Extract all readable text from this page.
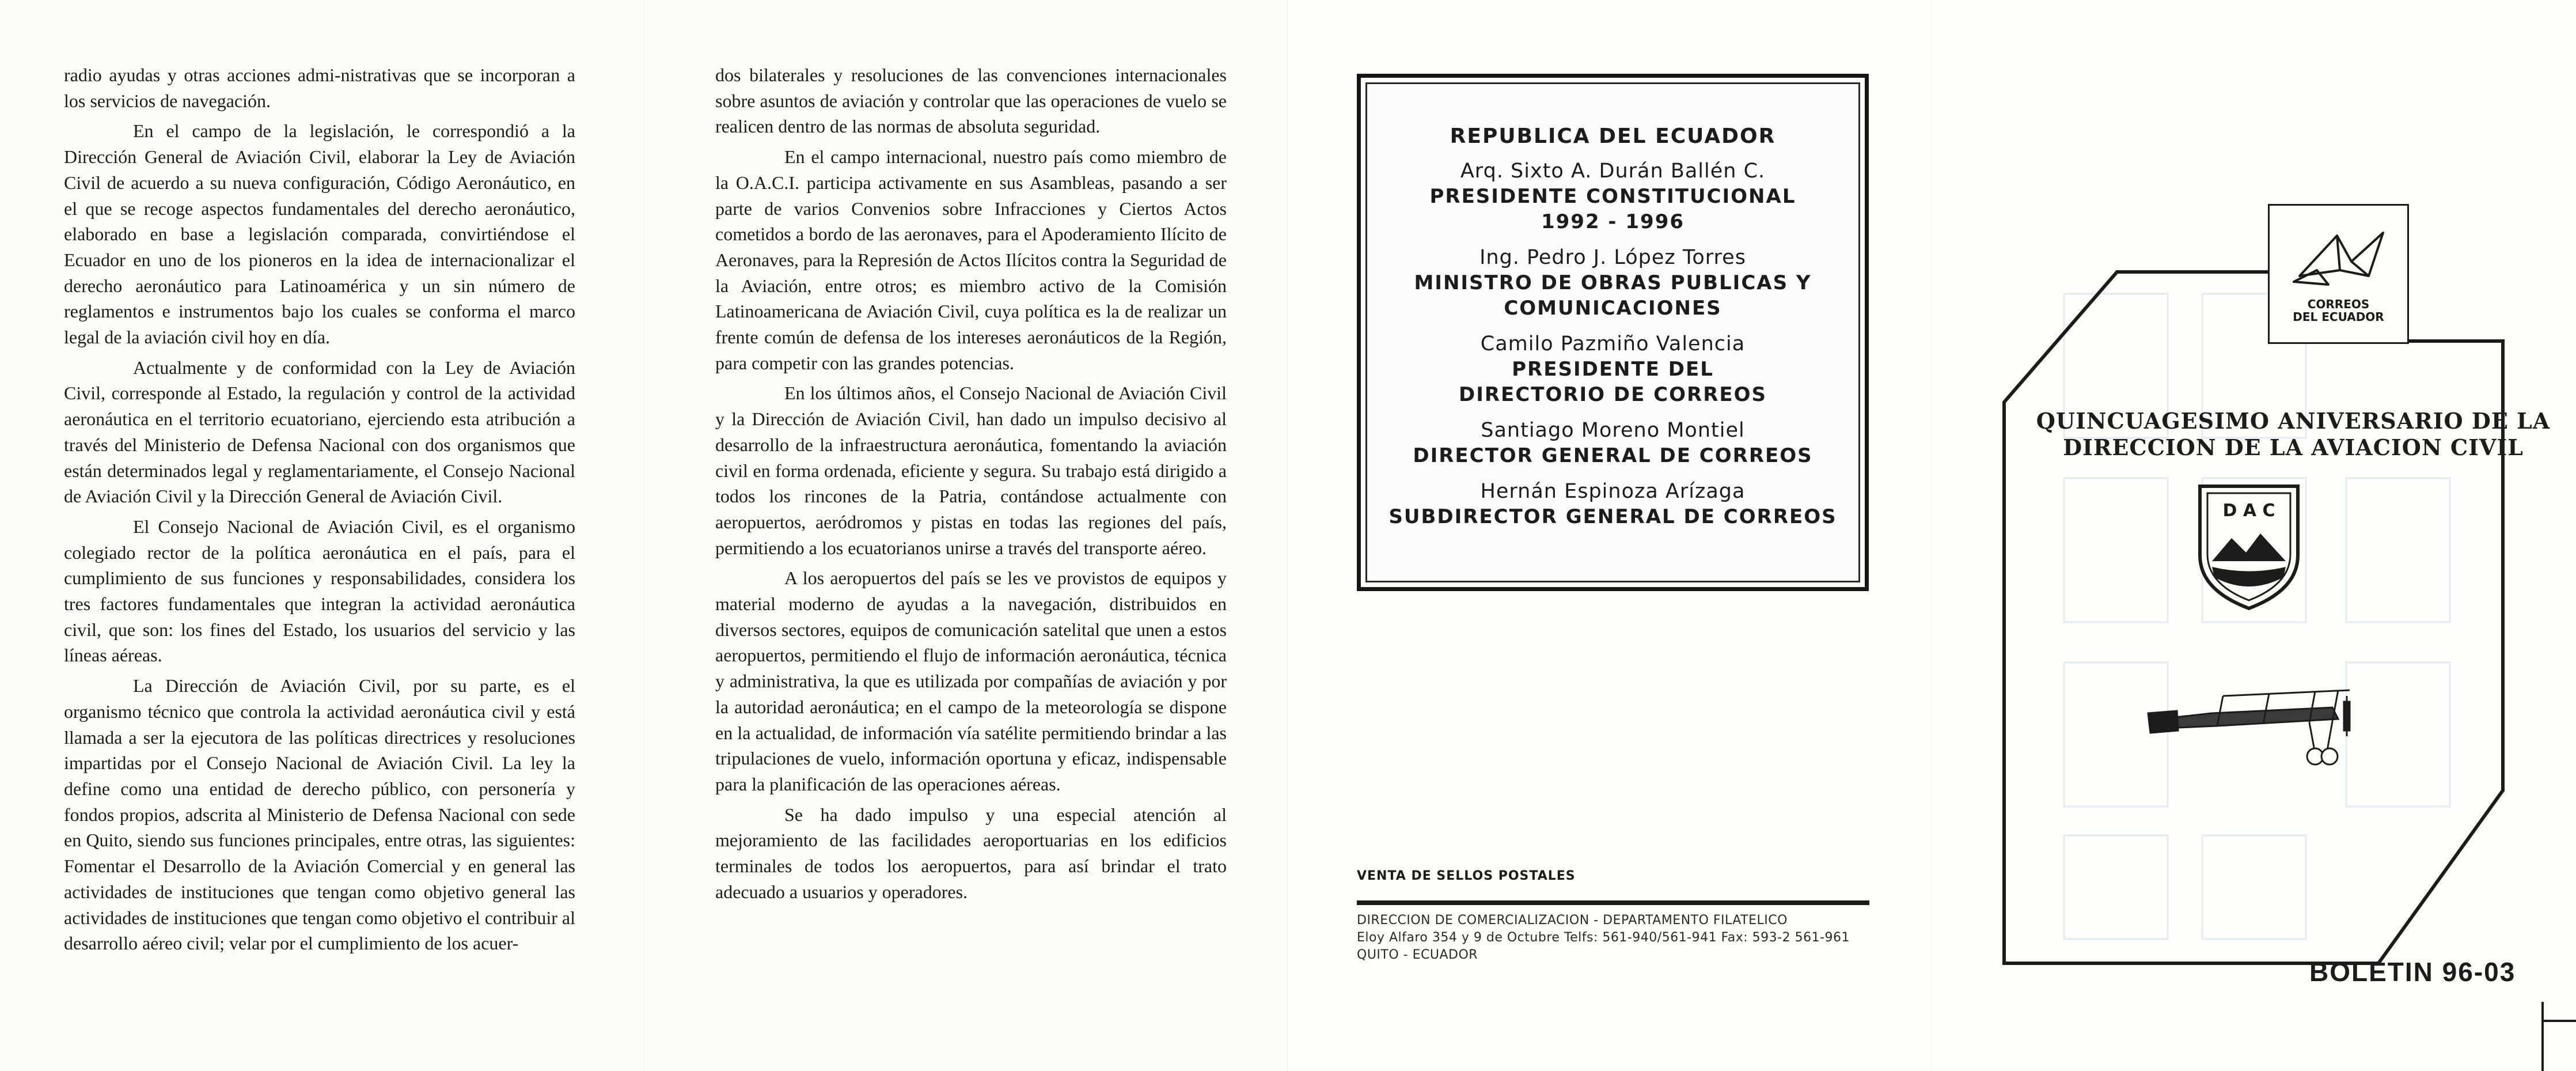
radio ayudas y otras acciones admi-nistrativas que se incorporan a los servicios de navegación.

En el campo de la legislación, le correspondió a la Dirección General de Aviación Civil, elaborar la Ley de Aviación Civil de acuerdo a su nueva configuración, Código Aeronáutico, en el que se recoge aspectos fundamentales del derecho aeronáutico, elaborado en base a legislación comparada, convirtiéndose el Ecuador en uno de los pioneros en la idea de internacionalizar el derecho aeronáutico para Latinoamérica y un sin número de reglamentos e instrumentos bajo los cuales se conforma el marco legal de la aviación civil hoy en día.

Actualmente y de conformidad con la Ley de Aviación Civil, corresponde al Estado, la regulación y control de la actividad aeronáutica en el territorio ecuatoriano, ejerciendo esta atribución a través del Ministerio de Defensa Nacional con dos organismos que están determinados legal y reglamentariamente, el Consejo Nacional de Aviación Civil y la Dirección General de Aviación Civil.

El Consejo Nacional de Aviación Civil, es el organismo colegiado rector de la política aeronáutica en el país, para el cumplimiento de sus funciones y responsabilidades, considera los tres factores fundamentales que integran la actividad aeronáutica civil, que son: los fines del Estado, los usuarios del servicio y las líneas aéreas.

La Dirección de Aviación Civil, por su parte, es el organismo técnico que controla la actividad aeronáutica civil y está llamada a ser la ejecutora de las políticas directrices y resoluciones impartidas por el Consejo Nacional de Aviación Civil. La ley la define como una entidad de derecho público, con personería y fondos propios, adscrita al Ministerio de Defensa Nacional con sede en Quito, siendo sus funciones principales, entre otras, las siguientes: Fomentar el Desarrollo de la Aviación Comercial y en general las actividades de instituciones que tengan como objetivo general las actividades de instituciones que tengan como objetivo el contribuir al desarrollo aéreo civil; velar por el cumplimiento de los acuer-

dos bilaterales y resoluciones de las convenciones internacionales sobre asuntos de aviación y controlar que las operaciones de vuelo se realicen dentro de las normas de absoluta seguridad.

En el campo internacional, nuestro país como miembro de la O.A.C.I. participa activamente en sus Asambleas, pasando a ser parte de varios Convenios sobre Infracciones y Ciertos Actos cometidos a bordo de las aeronaves, para el Apoderamiento Ilícito de Aeronaves, para la Represión de Actos Ilícitos contra la Seguridad de la Aviación, entre otros; es miembro activo de la Comisión Latinoamericana de Aviación Civil, cuya política es la de realizar un frente común de defensa de los intereses aeronáuticos de la Región, para competir con las grandes potencias.

En los últimos años, el Consejo Nacional de Aviación Civil y la Dirección de Aviación Civil, han dado un impulso decisivo al desarrollo de la infraestructura aeronáutica, fomentando la aviación civil en forma ordenada, eficiente y segura. Su trabajo está dirigido a todos los rincones de la Patria, contándose actualmente con aeropuertos, aeródromos y pistas en todas las regiones del país, permitiendo a los ecuatorianos unirse a través del transporte aéreo.

A los aeropuertos del país se les ve provistos de equipos y material moderno de ayudas a la navegación, distribuidos en diversos sectores, equipos de comunicación satelital que unen a estos aeropuertos, permitiendo el flujo de información aeronáutica, técnica y administrativa, la que es utilizada por compañías de aviación y por la autoridad aeronáutica; en el campo de la meteorología se dispone en la actualidad, de información vía satélite permitiendo brindar a las tripulaciones de vuelo, información oportuna y eficaz, indispensable para la planificación de las operaciones aéreas.

Se ha dado impulso y una especial atención al mejoramiento de las facilidades aeroportuarias en los edificios terminales de todos los aeropuertos, para así brindar el trato adecuado a usuarios y operadores.

REPUBLICA DEL ECUADOR
Arq. Sixto A. Durán Ballén C.
PRESIDENTE CONSTITUCIONAL
1992 - 1996
Ing. Pedro J. López Torres
MINISTRO DE OBRAS PUBLICAS Y COMUNICACIONES
Camilo Pazmiño Valencia
PRESIDENTE DEL DIRECTORIO DE CORREOS
Santiago Moreno Montiel
DIRECTOR GENERAL DE CORREOS
Hernán Espinoza Arízaga
SUBDIRECTOR GENERAL DE CORREOS
VENTA DE SELLOS POSTALES
DIRECCION DE COMERCIALIZACION - DEPARTAMENTO FILATELICO
Eloy Alfaro 354 y 9 de Octubre Telfs: 561-940/561-941 Fax: 593-2 561-961
QUITO - ECUADOR
CORREOS
DEL ECUADOR
QUINCUAGESIMO ANIVERSARIO DE LA
DIRECCION DE LA AVIACION CIVIL
D A C
BOLETIN 96-03
